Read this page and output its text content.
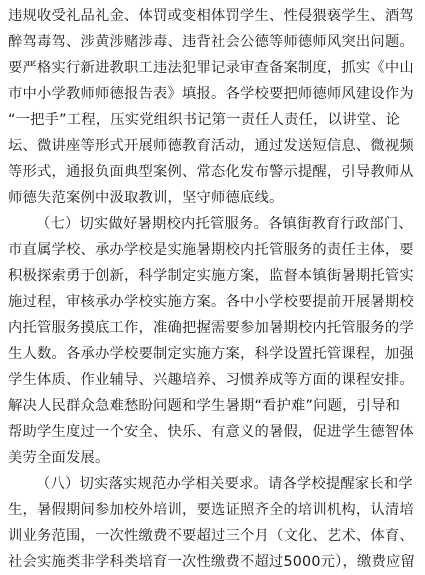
违规收受礼品礼金、体罚或变相体罚学生、性侵猥亵学生、酒驾
醉驾毒驾、涉黄涉赌涉毒、违背社会公德等师德师风突出问题。
要严格实行新进教职工违法犯罪记录审查备案制度，抓实《中山
市中小学教师师德报告表》填报。各学校要把师德师风建设作为
“一把手”工程，压实党组织书记第一责任人责任，以讲堂、论
坛、微讲座等形式开展师德教育活动，通过发送短信息、微视频
等形式，通报负面典型案例、常态化发布警示提醒，引导教师从
师德失范案例中汲取教训，坚守师德底线。
（七）切实做好暑期校内托管服务。各镇街教育行政部门、
市直属学校、承办学校是实施暑期校内托管服务的责任主体，要
积极探索勇于创新，科学制定实施方案，监督本镇街暑期托管实
施过程，审核承办学校实施方案。各中小学校要提前开展暑期校
内托管服务摸底工作，准确把握需要参加暑期校内托管服务的学
生人数。各承办学校要制定实施方案，科学设置托管课程，加强
学生体质、作业辅导、兴趣培养、习惯养成等方面的课程安排。
解决人民群众急难愁盼问题和学生暑期“看护难”问题，引导和
帮助学生度过一个安全、快乐、有意义的暑假，促进学生德智体
美劳全面发展。
（八）切实落实规范办学相关要求。请各学校提醒家长和学
生，暑假期间参加校外培训，要选证照齐全的培训机构，认清培
训业务范围，一次性缴费不要超过三个月（文化、艺术、体育、
社会实施类非学科类培育一次性缴费不超过5000元），缴费应留
